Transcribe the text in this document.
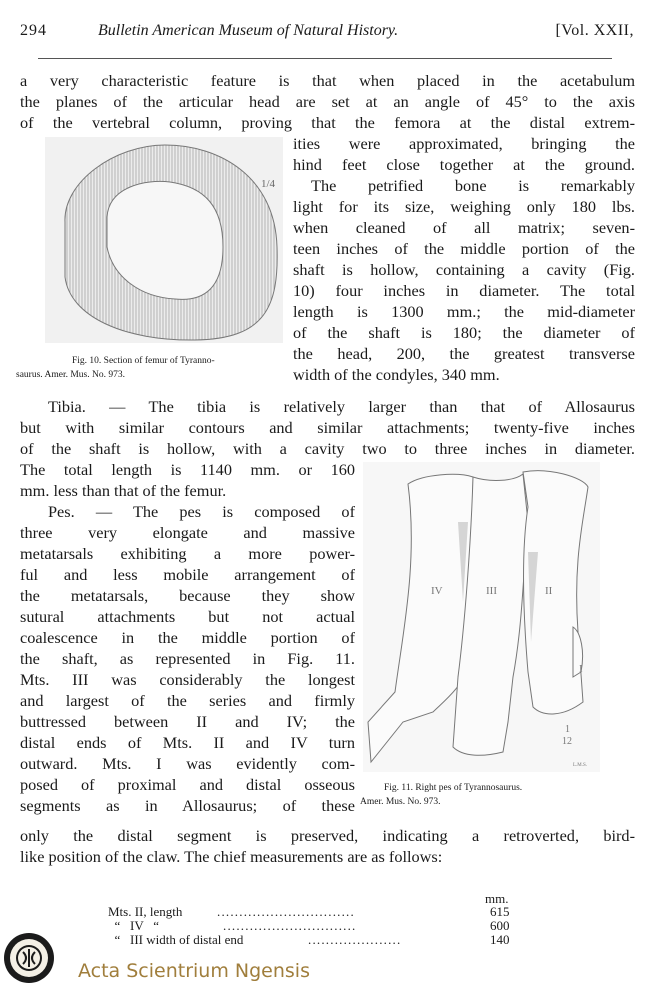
294	Bulletin American Museum of Natural History.	[Vol. XXII,
a very characteristic feature is that when placed in the acetabulum
the planes of the articular head are set at an angle of 45° to the axis
of the vertebral column, proving that the femora at the distal extrem-
1/4
Fig. 10. Section of femur of Tyranno-
saurus. Amer. Mus. No. 973.
ities were approximated, bringing the
hind feet close together at the ground.
The petrified bone is remarkably
light for its size, weighing only 180 lbs.
when cleaned of all matrix; seven-
teen inches of the middle portion of the
shaft is hollow, containing a cavity (Fig.
10) four inches in diameter. The total
length is 1300 mm.; the mid-diameter
of the shaft is 180; the diameter of
the head, 200, the greatest transverse
width of the condyles, 340 mm.
Tibia. — The tibia is relatively larger than that of Allosaurus
but with similar contours and similar attachments; twenty-five inches
of the shaft is hollow, with a cavity two to three inches in diameter.
The total length is 1140 mm. or 160
mm. less than that of the femur.
Pes. — The pes is composed of
three very elongate and massive
metatarsals exhibiting a more power-
ful and less mobile arrangement of
the metatarsals, because they show
sutural attachments but not actual
coalescence in the middle portion of
the shaft, as represented in Fig. 11.
Mts. III was considerably the longest
and largest of the series and firmly
buttressed between II and IV; the
distal ends of Mts. II and IV turn
outward. Mts. I was evidently com-
posed of proximal and distal osseous
segments as in Allosaurus; of these
IV	III	II
I
1
12
L.M.S.
Fig. 11. Right pes of Tyrannosaurus.
Amer. Mus. No. 973.
only the distal segment is preserved, indicating a retroverted, bird-
like position of the claw. The chief measurements are as follows:
mm.
Mts. II, length	...............................	615
“   IV   “	..............................	600
“   III width of distal end	.....................	140
Acta Scientrium Ngensis
